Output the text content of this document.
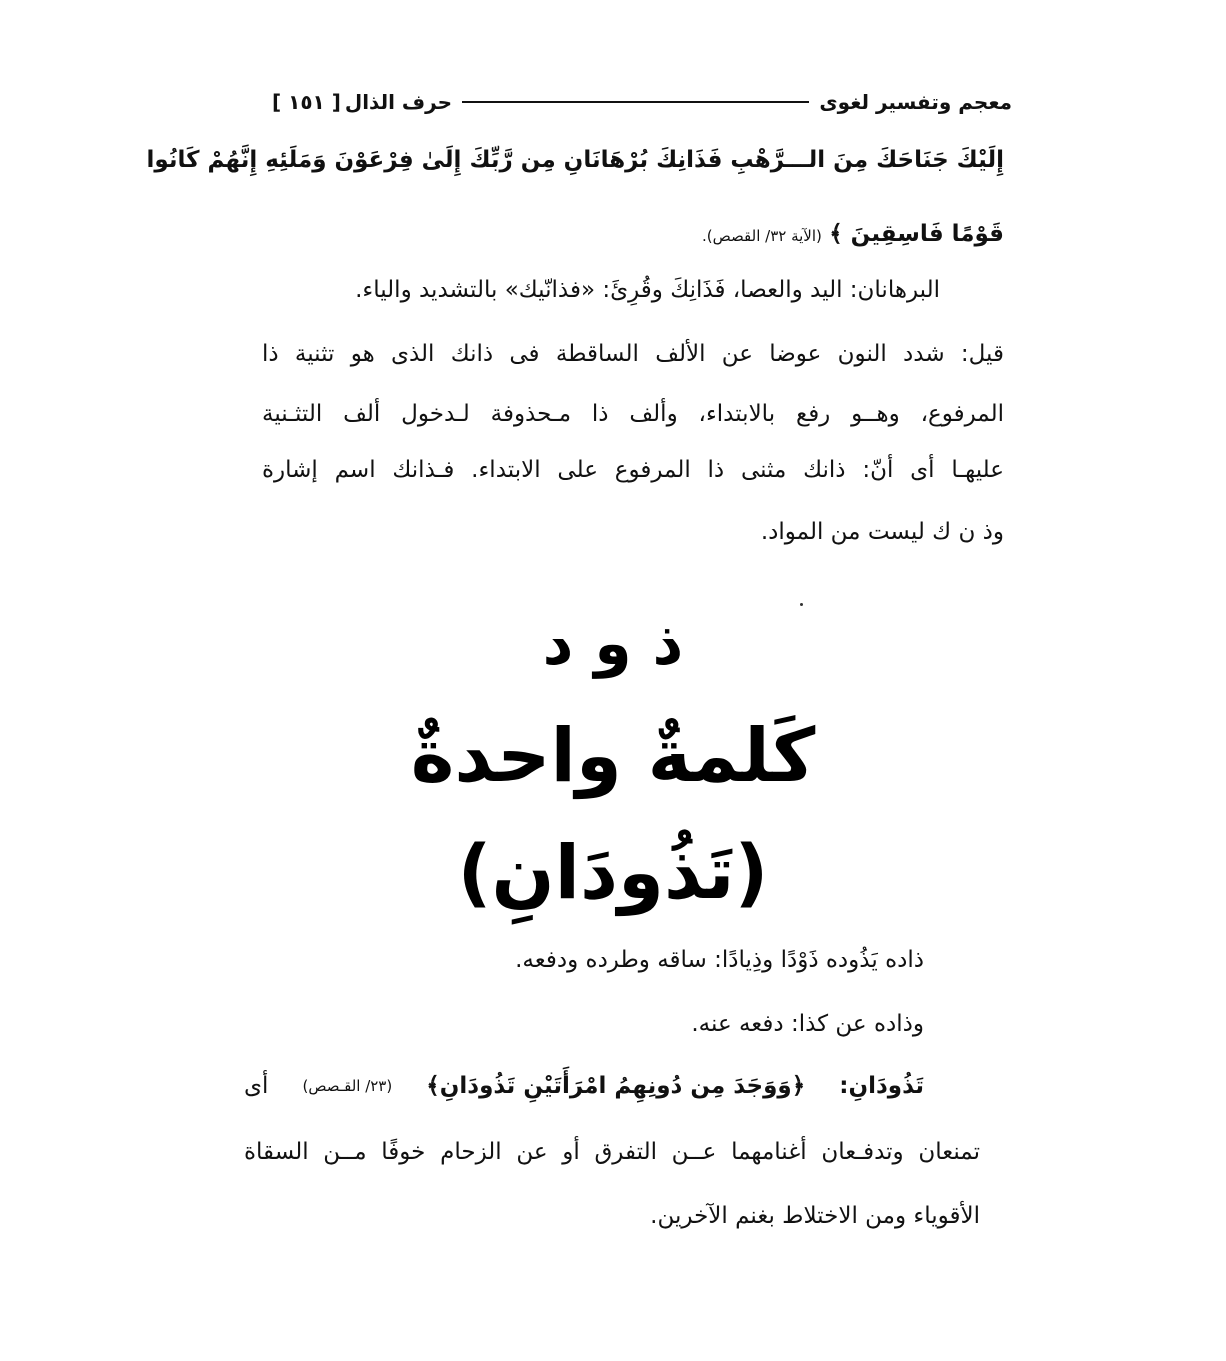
معجم وتفسير لغوى
حرف الذال
[ ١٥١ ]
إِلَيْكَ جَنَاحَكَ مِنَ الـــرَّهْبِ فَذَانِكَ بُرْهَانَانِ مِن رَّبِّكَ إِلَىٰ فِرْعَوْنَ وَمَلَئِهِ إِنَّهُمْ كَانُوا
قَوْمًا فَاسِقِينَ ﴾ (الآية ٣٢/ القصص).
البرهانان: اليد والعصا، فَذَانِكَ وقُرِئَ: «فذانّيك» بالتشديد والياء.
قيل: شدد النون عوضا عن الألف الساقطة فى ذانك الذى هو تثنية ذا
المرفوع، وهــو رفع بالابتداء، وألف ذا مـحذوفة لـدخول ألف التثـنية
عليهـا أى أنّ: ذانك مثنى ذا المرفوع على الابتداء. فـذانك اسم إشارة
وذ ن ك ليست من المواد.
ذ و د
كَلمةٌ واحدةٌ
(تَذُودَانِ)
ذاده يَذُوده ذَوْدًا وذِيادًا: ساقه وطرده ودفعه.
وذاده عن كذا: دفعه عنه.
تَذُودَانِ:
﴿وَوَجَدَ مِن دُونِهِمُ امْرَأَتَيْنِ تَذُودَانِ﴾
(٢٣/ القـصص)
أى
تمنعان وتدفـعان أغنامهما عــن التفرق أو عن الزحام خوفًا مــن السقاة
الأقوياء ومن الاختلاط بغنم الآخرين.
